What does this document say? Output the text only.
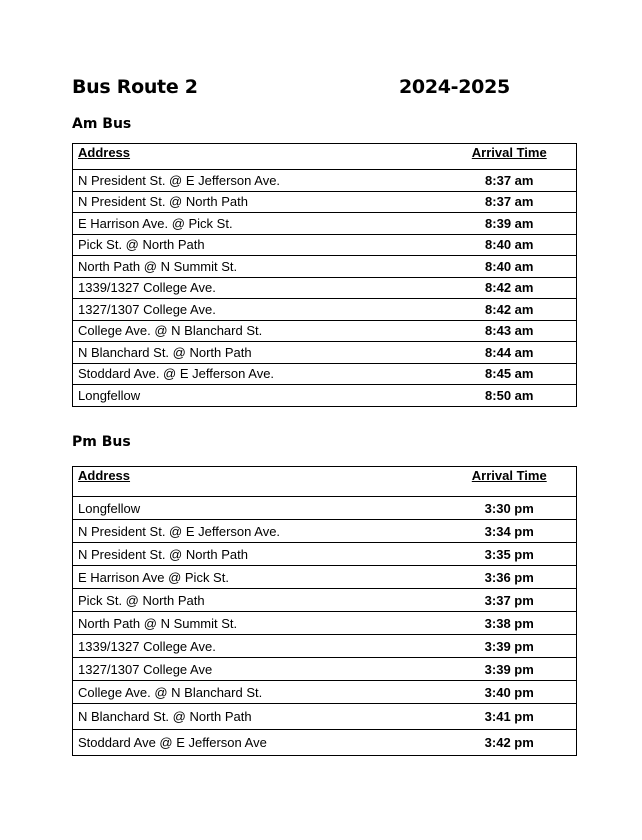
Bus Route 2	2024-2025
Am Bus
Address	Arrival Time
N President St. @ E Jefferson Ave.	8:37 am
N President St. @ North Path	8:37 am
E Harrison Ave. @ Pick St.	8:39 am
Pick St. @ North Path	8:40 am
North Path @ N Summit St.	8:40 am
1339/1327 College Ave.	8:42 am
1327/1307 College Ave.	8:42 am
College Ave. @ N Blanchard St.	8:43 am
N Blanchard St. @ North Path	8:44 am
Stoddard Ave. @ E Jefferson Ave.	8:45 am
Longfellow	8:50 am
Pm Bus
Address	Arrival Time
Longfellow	3:30 pm
N President St. @ E Jefferson Ave.	3:34 pm
N President St. @ North Path	3:35 pm
E Harrison Ave @ Pick St.	3:36 pm
Pick St. @ North Path	3:37 pm
North Path @ N Summit St.	3:38 pm
1339/1327 College Ave.	3:39 pm
1327/1307 College Ave	3:39 pm
College Ave. @ N Blanchard St.	3:40 pm
N Blanchard St. @ North Path	3:41 pm
Stoddard Ave @ E Jefferson Ave	3:42 pm
